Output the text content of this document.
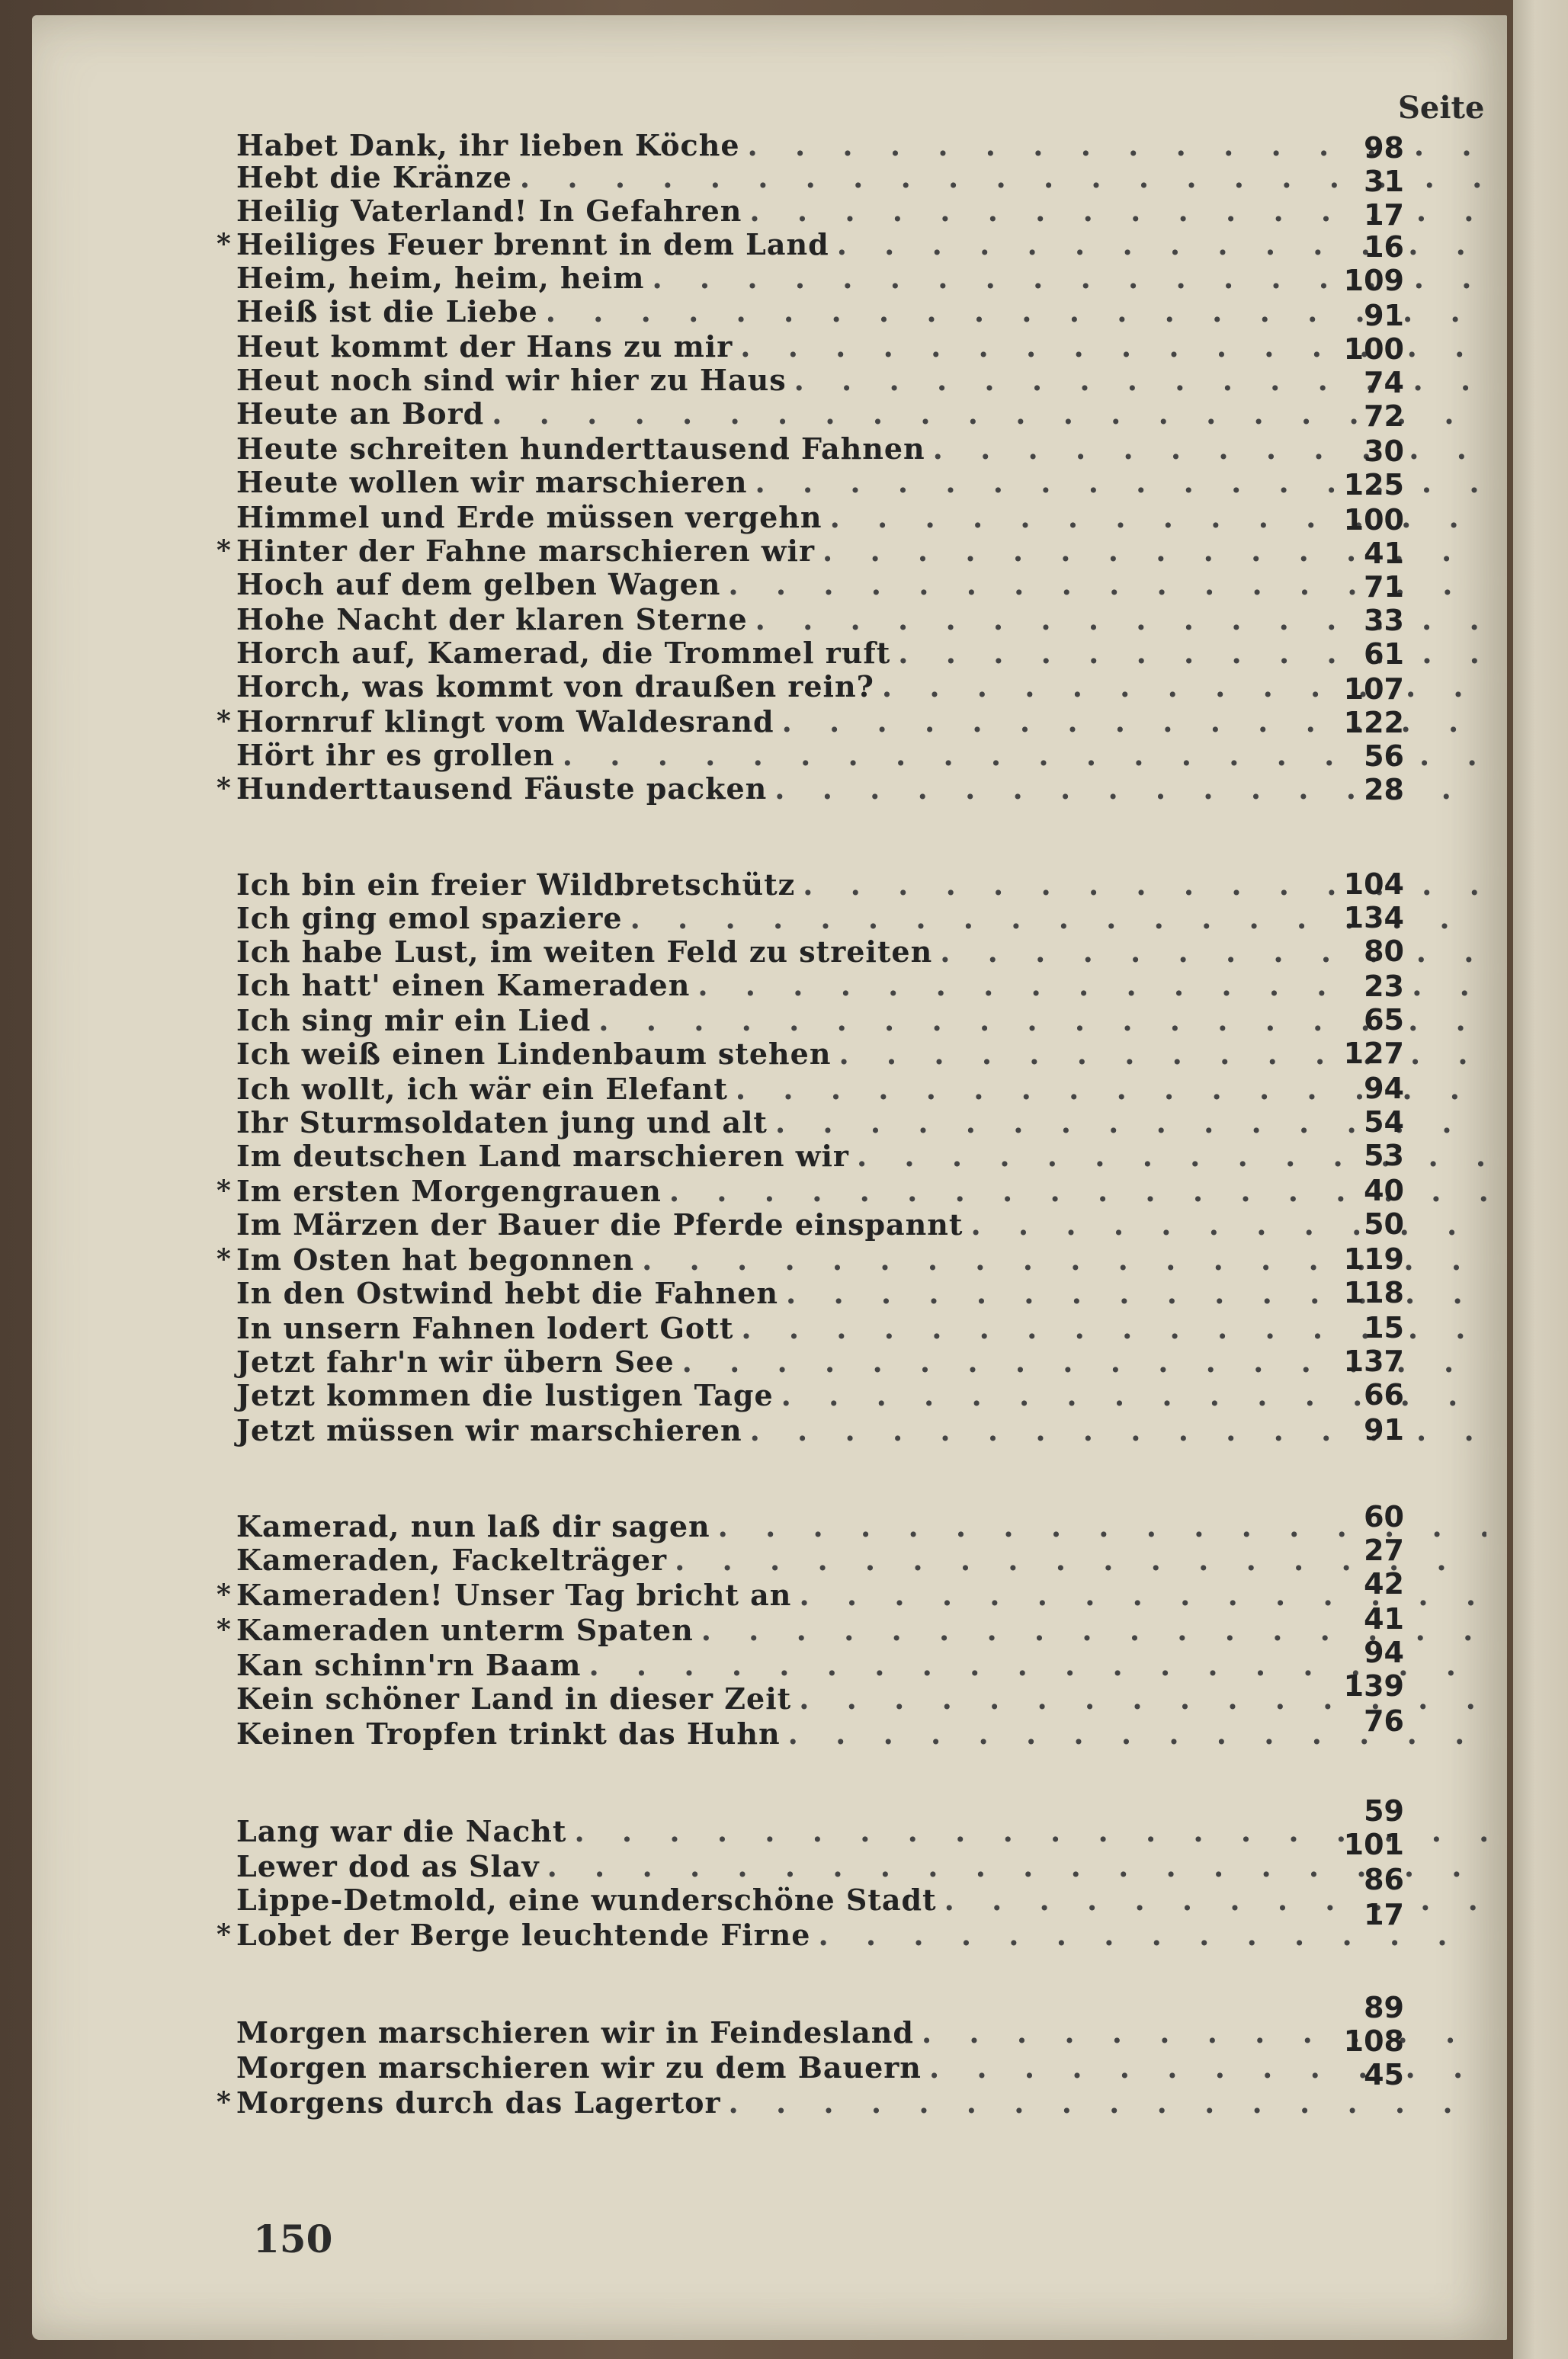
Seite
Habet Dank, ihr lieben Köche
. . .
Hebt die Kränze
. . .
Heilig Vaterland! In Gefahren
. . .
* Heiliges Feuer brennt in dem Land
. . .
Heim, heim, heim, heim
. . .
Heiß ist die Liebe
. . .
Heut kommt der Hans zu mir
. . .
Heut noch sind wir hier zu Haus
. . .
Heute an Bord
. . .
Heute schreiten hunderttausend Fahnen
. . .
Heute wollen wir marschieren
. . .
Himmel und Erde müssen vergehn
. . .
* Hinter der Fahne marschieren wir
. . .
Hoch auf dem gelben Wagen
. . .
Hohe Nacht der klaren Sterne
. . .
Horch auf, Kamerad, die Trommel ruft
. . .
Horch, was kommt von draußen rein?
. . .
* Hornruf klingt vom Waldesrand
. . .
Hört ihr es grollen
. . .
* Hunderttausend Fäuste packen
. . .
Ich bin ein freier Wildbretschütz
. . .
Ich ging emol spaziere
. . .
Ich habe Lust, im weiten Feld zu streiten
. . .
Ich hatt' einen Kameraden
. . .
Ich sing mir ein Lied
. . .
Ich weiß einen Lindenbaum stehen
. . .
Ich wollt, ich wär ein Elefant
. . .
Ihr Sturmsoldaten jung und alt
. . .
Im deutschen Land marschieren wir
. . .
* Im ersten Morgengrauen
. . .
Im Märzen der Bauer die Pferde einspannt
. . .
* Im Osten hat begonnen
. . .
In den Ostwind hebt die Fahnen
. . .
In unsern Fahnen lodert Gott
. . .
Jetzt fahr'n wir übern See
. . .
Jetzt kommen die lustigen Tage
. . .
Jetzt müssen wir marschieren
. . .
Kamerad, nun laß dir sagen
. . .
Kameraden, Fackelträger
. . .
* Kameraden! Unser Tag bricht an
. . .
* Kameraden unterm Spaten
. . .
Kan schinn'rn Baam
. . .
Kein schöner Land in dieser Zeit
. . .
Keinen Tropfen trinkt das Huhn
. . .
Lang war die Nacht
. . .
Lewer dod as Slav
. . .
Lippe-Detmold, eine wunderschöne Stadt
. . .
* Lobet der Berge leuchtende Firne
. . .
Morgen marschieren wir in Feindesland
. . .
Morgen marschieren wir zu dem Bauern
. . .
* Morgens durch das Lagertor
. . .
98
31
17
16
109
91
100
74
72
30
125
100
41
71
33
61
107
122
56
28
104
134
80
23
65
127
94
54
53
40
50
119
118
15
137
66
91
60
27
42
41
94
139
76
59
101
86
17
89
108
45
150
